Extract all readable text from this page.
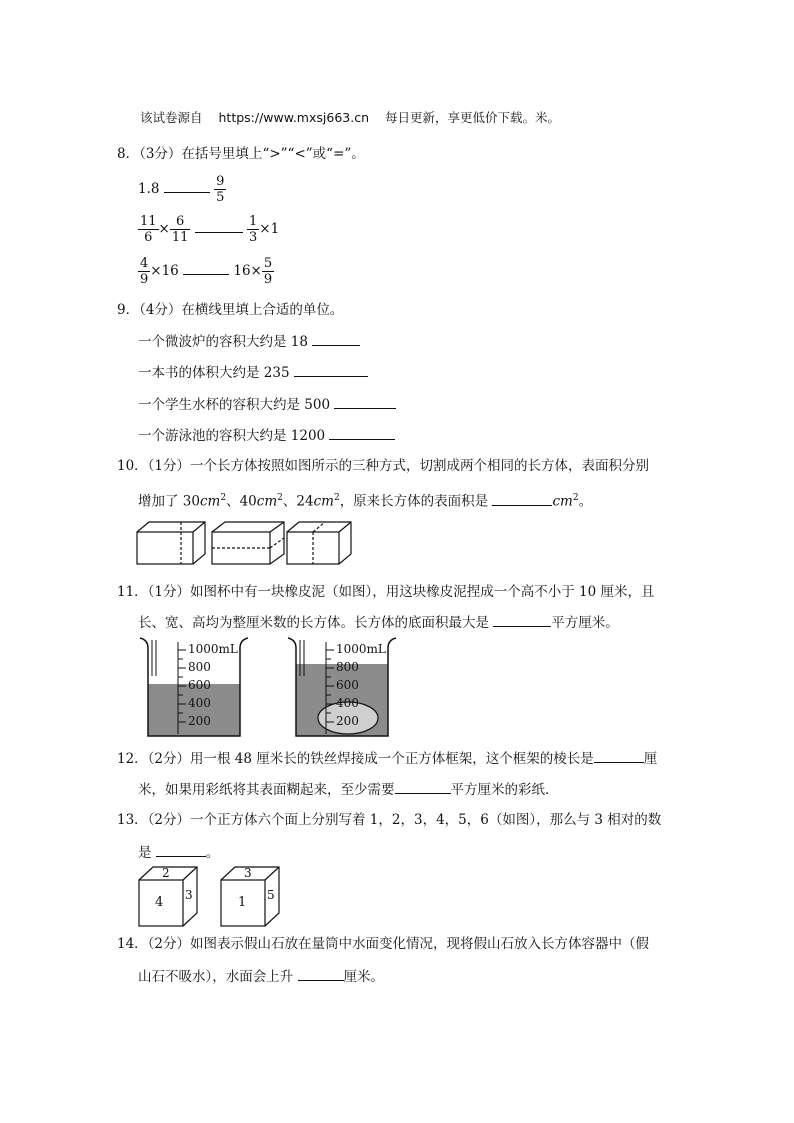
该试卷源自 https://www.mxsj663.cn 每日更新，享更低价下载。米。
8．（3分）在括号里填上“>”“<”或“=”。
1.8	$\frac{9}{5}$
$\frac{11}{6} \times \frac{6}{11}$
	$\frac{1}{3} \times 1$
$\frac{4}{9} \times 16$	$16\times \frac{5}{9}$
9．（4分）在横线里填上合适的单位。
一个微波炉的容积大约是 18
一本书的体积大约是 235
一个学生水杯的容积大约是 500
一个游泳池的容积大约是 1200
10．（1分）一个长方体按照如图所示的三种方式，切割成两个相同的长方体，表面积分别
增加了 $30cm^2$、$40cm^2$、$24cm^2$，原来长方体的表面积是	$cm^2$。
11．（1分）如图杯中有一块橡皮泥（如图），用这块橡皮泥捏成一个高不小于 10 厘米，且
长、宽、高均为整厘米数的长方体。长方体的底面积最大是	平方厘米。
1000mL
800
600
400
200
1000mL
800
600
400
200
12．（2分）用一根 48 厘米长的铁丝焊接成一个正方体框架，这个框架的棱长是	厘
米，如果用彩纸将其表面糊起来，至少需要	平方厘米的彩纸．
13．（2分）一个正方体六个面上分别写着 1，2，3，4，5，6（如图），那么与 3 相对的数
是	。
2
4 3
3
1 5
14．（2分）如图表示假山石放在量筒中水面变化情况，现将假山石放入长方体容器中（假
山石不吸水），水面会上升	厘米。
